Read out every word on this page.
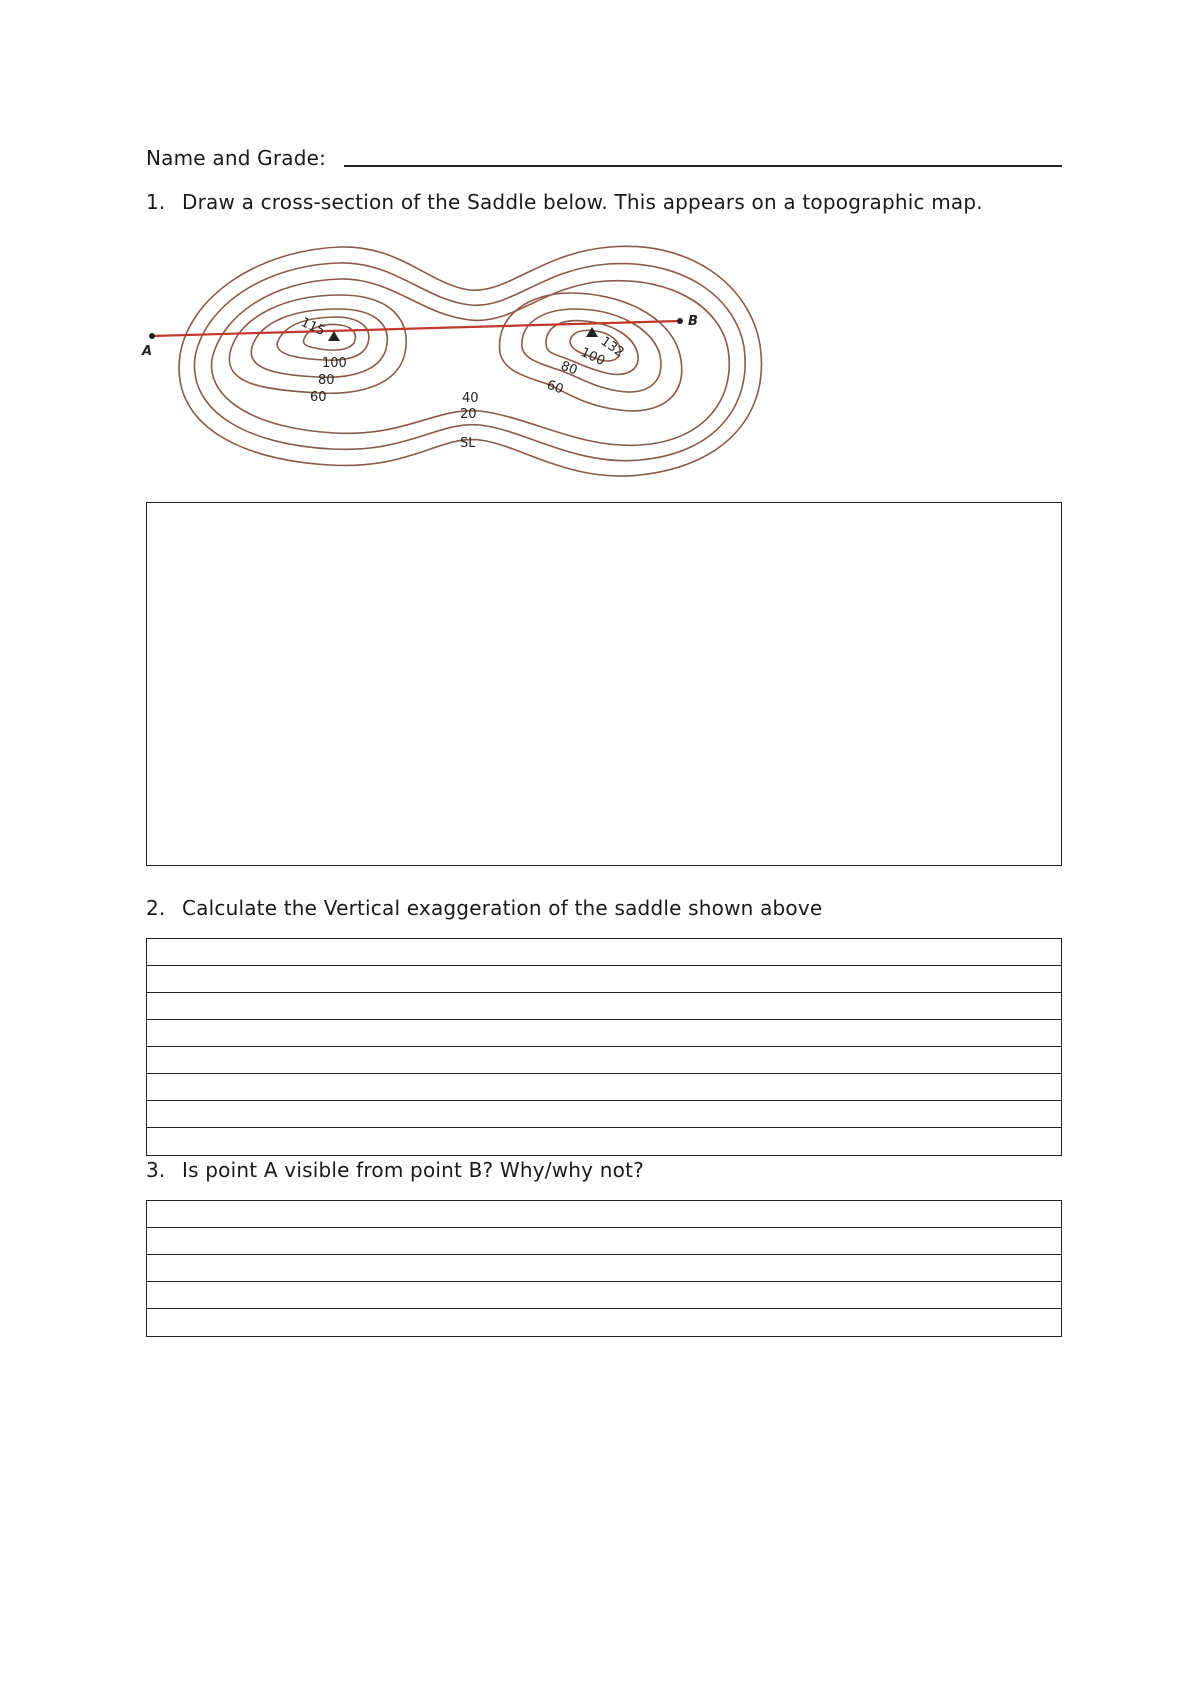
Name and Grade:
1. Draw a cross-section of the Saddle below. This appears on a topographic map.
A
B
115
100
80
60	40
20
SL
132
100
80
60
2. Calculate the Vertical exaggeration of the saddle shown above
3. Is point A visible from point B? Why/why not?
